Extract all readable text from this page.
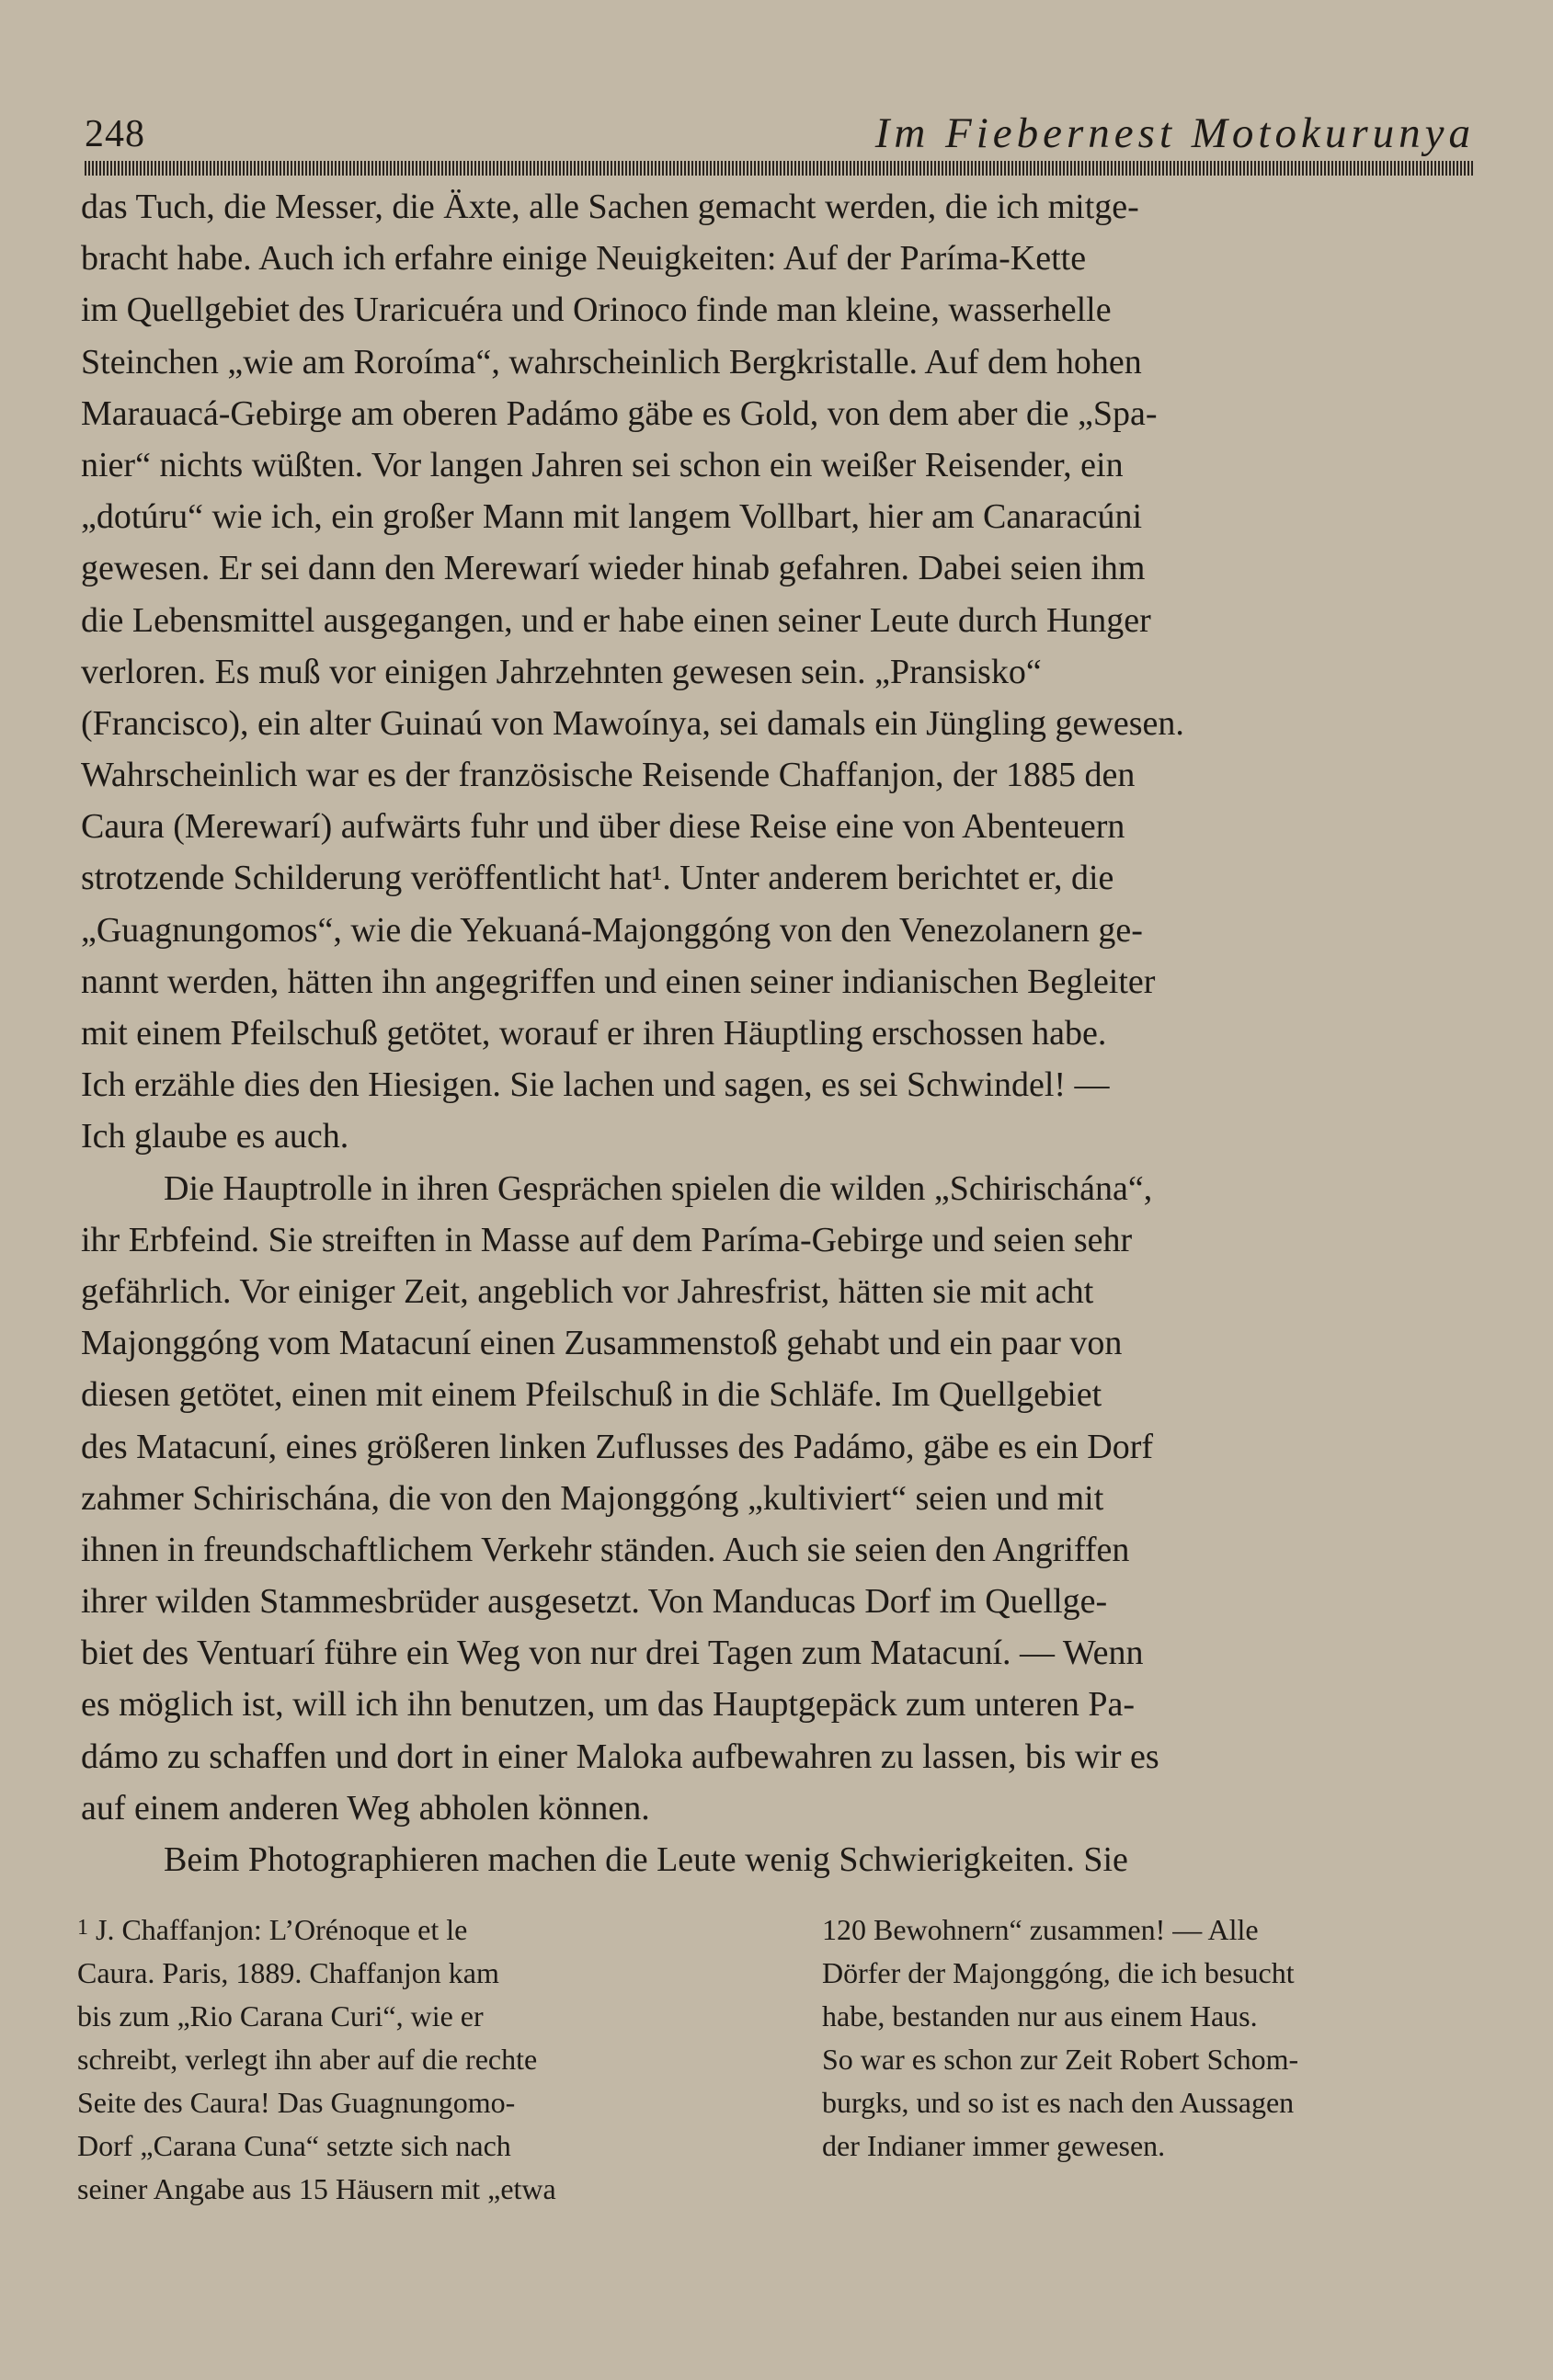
248	Im Fiebernest Motokurunya
das Tuch, die Messer, die Äxte, alle Sachen gemacht werden, die ich mitge-
bracht habe. Auch ich erfahre einige Neuigkeiten: Auf der Paríma-Kette
im Quellgebiet des Uraricuéra und Orinoco finde man kleine, wasserhelle
Steinchen „wie am Roroíma“, wahrscheinlich Bergkristalle. Auf dem hohen
Marauacá-Gebirge am oberen Padámo gäbe es Gold, von dem aber die „Spa-
nier“ nichts wüßten. Vor langen Jahren sei schon ein weißer Reisender, ein
„dotúru“ wie ich, ein großer Mann mit langem Vollbart, hier am Canaracúni
gewesen. Er sei dann den Merewarí wieder hinab gefahren. Dabei seien ihm
die Lebensmittel ausgegangen, und er habe einen seiner Leute durch Hunger
verloren. Es muß vor einigen Jahrzehnten gewesen sein. „Pransisko“
(Francisco), ein alter Guinaú von Mawoínya, sei damals ein Jüngling gewesen.
Wahrscheinlich war es der französische Reisende Chaffanjon, der 1885 den
Caura (Merewarí) aufwärts fuhr und über diese Reise eine von Abenteuern
strotzende Schilderung veröffentlicht hat¹. Unter anderem berichtet er, die
„Guagnungomos“, wie die Yekuaná-Majonggóng von den Venezolanern ge-
nannt werden, hätten ihn angegriffen und einen seiner indianischen Begleiter
mit einem Pfeilschuß getötet, worauf er ihren Häuptling erschossen habe.
Ich erzähle dies den Hiesigen. Sie lachen und sagen, es sei Schwindel! —
Ich glaube es auch.
Die Hauptrolle in ihren Gesprächen spielen die wilden „Schirischána“,
ihr Erbfeind. Sie streiften in Masse auf dem Paríma-Gebirge und seien sehr
gefährlich. Vor einiger Zeit, angeblich vor Jahresfrist, hätten sie mit acht
Majonggóng vom Matacuní einen Zusammenstoß gehabt und ein paar von
diesen getötet, einen mit einem Pfeilschuß in die Schläfe. Im Quellgebiet
des Matacuní, eines größeren linken Zuflusses des Padámo, gäbe es ein Dorf
zahmer Schirischána, die von den Majonggóng „kultiviert“ seien und mit
ihnen in freundschaftlichem Verkehr ständen. Auch sie seien den Angriffen
ihrer wilden Stammesbrüder ausgesetzt. Von Manducas Dorf im Quellge-
biet des Ventuarí führe ein Weg von nur drei Tagen zum Matacuní. — Wenn
es möglich ist, will ich ihn benutzen, um das Hauptgepäck zum unteren Pa-
dámo zu schaffen und dort in einer Maloka aufbewahren zu lassen, bis wir es
auf einem anderen Weg abholen können.
Beim Photographieren machen die Leute wenig Schwierigkeiten. Sie
$^1$ J. Chaffanjon: L’Orénoque et le
Caura. Paris, 1889. Chaffanjon kam
bis zum „Rio Carana Curi“, wie er
schreibt, verlegt ihn aber auf die rechte
Seite des Caura! Das Guagnungomo-
Dorf „Carana Cuna“ setzte sich nach
seiner Angabe aus 15 Häusern mit „etwa
120 Bewohnern“ zusammen! — Alle
Dörfer der Majonggóng, die ich besucht
habe, bestanden nur aus einem Haus.
So war es schon zur Zeit Robert Schom-
burgks, und so ist es nach den Aussagen
der Indianer immer gewesen.
